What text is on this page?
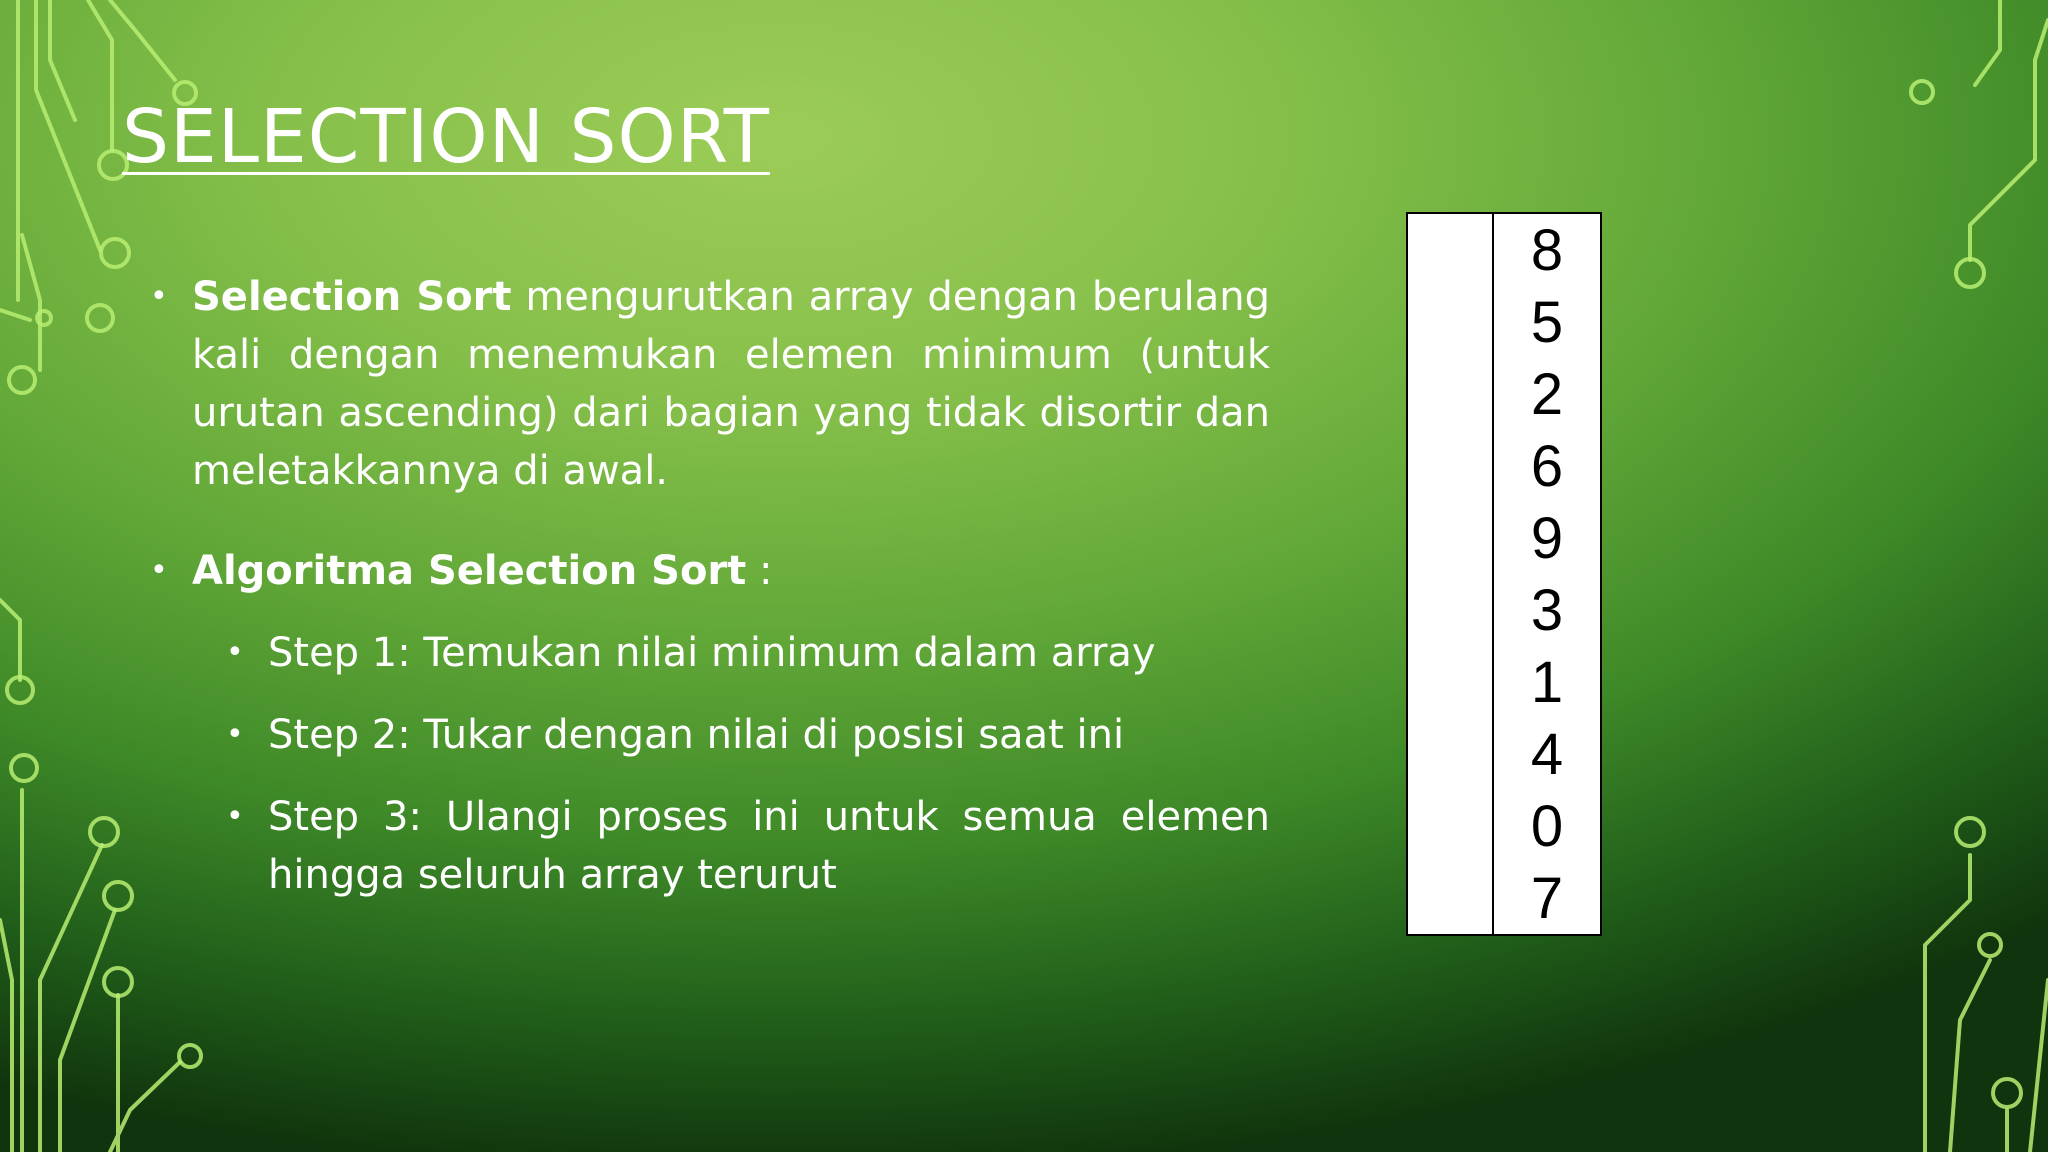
SELECTION SORT

• Selection Sort mengurutkan array dengan berulang kali dengan menemukan elemen minimum (untuk urutan ascending) dari bagian yang tidak disortir dan meletakkannya di awal.

• Algoritma Selection Sort :

• Step 1: Temukan nilai minimum dalam array

• Step 2: Tukar dengan nilai di posisi saat ini

• Step 3: Ulangi proses ini untuk semua elemen hingga seluruh array terurut

8
5
2
6
9
3
1
4
0
7
